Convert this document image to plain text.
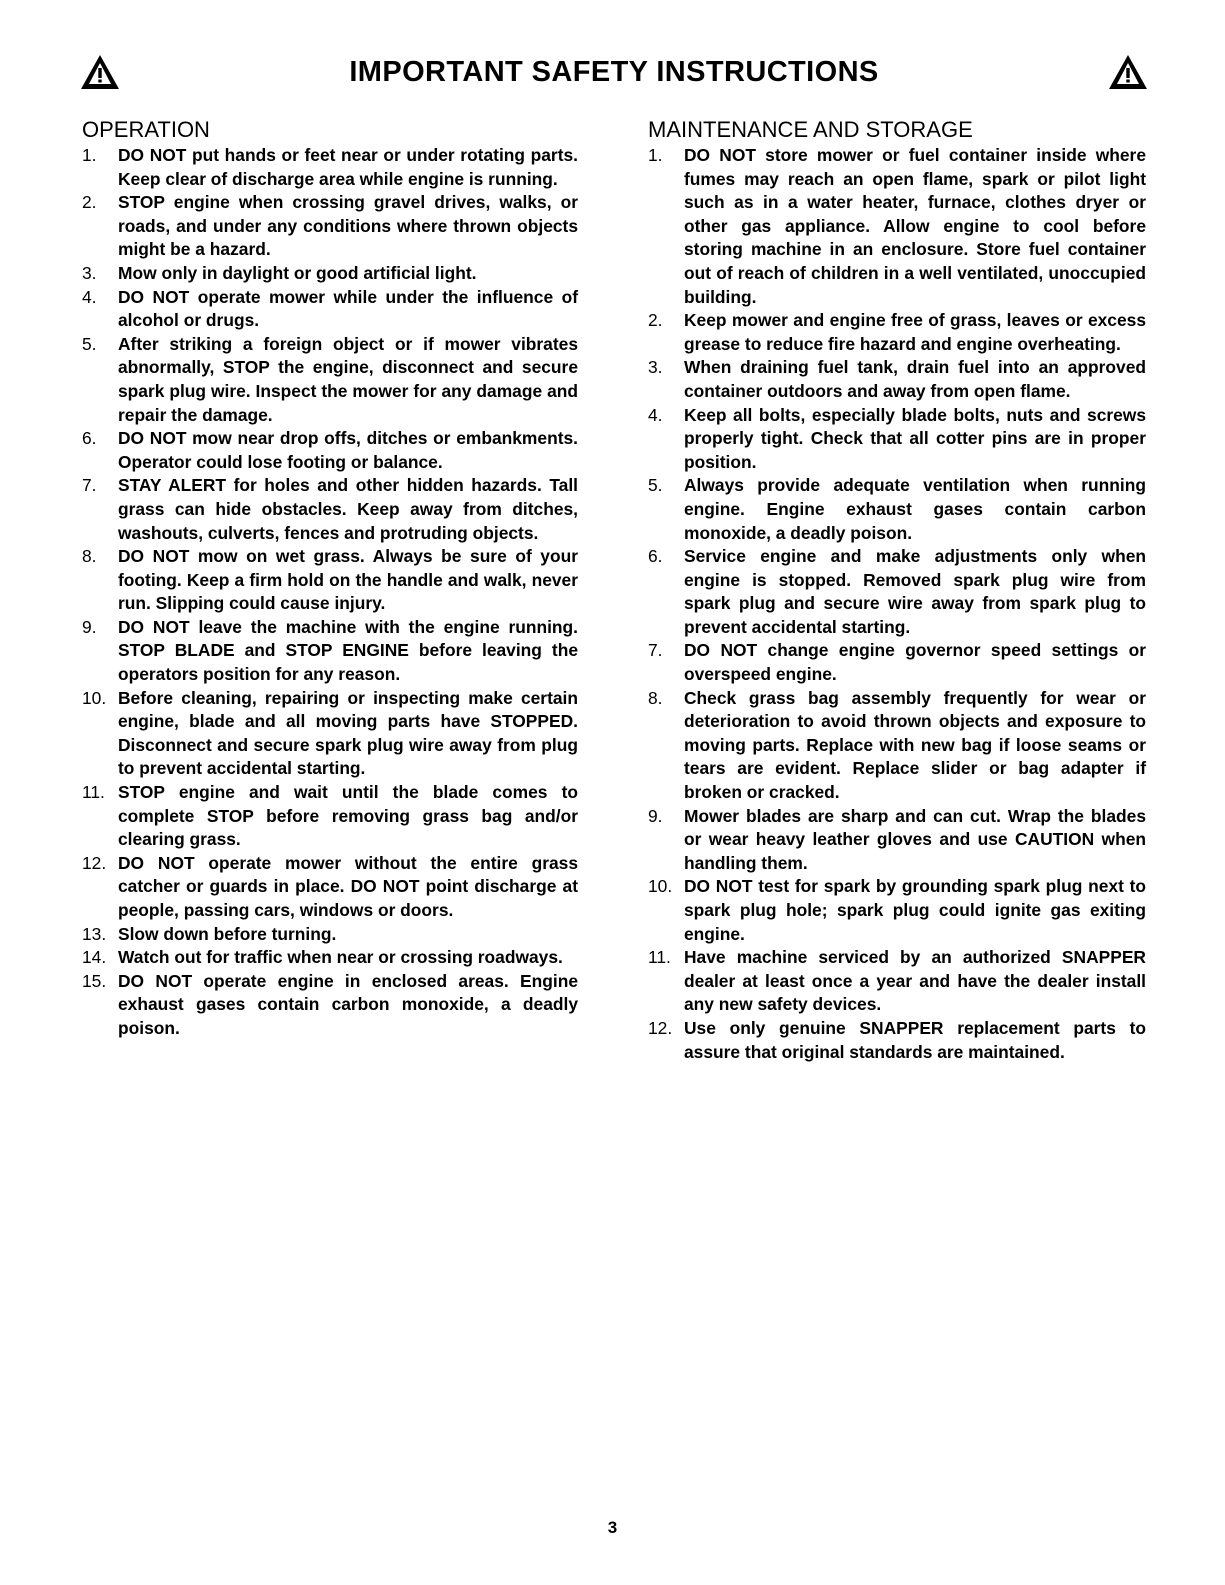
IMPORTANT SAFETY INSTRUCTIONS
OPERATION
1. DO NOT put hands or feet near or under rotating parts. Keep clear of discharge area while engine is running.
2. STOP engine when crossing gravel drives, walks, or roads, and under any conditions where thrown objects might be a hazard.
3. Mow only in daylight or good artificial light.
4. DO NOT operate mower while under the influence of alcohol or drugs.
5. After striking a foreign object or if mower vibrates abnormally, STOP the engine, disconnect and secure spark plug wire. Inspect the mower for any damage and repair the damage.
6. DO NOT mow near drop offs, ditches or embankments. Operator could lose footing or balance.
7. STAY ALERT for holes and other hidden hazards. Tall grass can hide obstacles. Keep away from ditches, washouts, culverts, fences and protruding objects.
8. DO NOT mow on wet grass. Always be sure of your footing. Keep a firm hold on the handle and walk, never run. Slipping could cause injury.
9. DO NOT leave the machine with the engine running. STOP BLADE and STOP ENGINE before leaving the operators position for any reason.
10. Before cleaning, repairing or inspecting make certain engine, blade and all moving parts have STOPPED. Disconnect and secure spark plug wire away from plug to prevent accidental starting.
11. STOP engine and wait until the blade comes to complete STOP before removing grass bag and/or clearing grass.
12. DO NOT operate mower without the entire grass catcher or guards in place. DO NOT point discharge at people, passing cars, windows or doors.
13. Slow down before turning.
14. Watch out for traffic when near or crossing roadways.
15. DO NOT operate engine in enclosed areas. Engine exhaust gases contain carbon monoxide, a deadly poison.
MAINTENANCE AND STORAGE
1. DO NOT store mower or fuel container inside where fumes may reach an open flame, spark or pilot light such as in a water heater, furnace, clothes dryer or other gas appliance. Allow engine to cool before storing machine in an enclosure. Store fuel container out of reach of children in a well ventilated, unoccupied building.
2. Keep mower and engine free of grass, leaves or excess grease to reduce fire hazard and engine overheating.
3. When draining fuel tank, drain fuel into an approved container outdoors and away from open flame.
4. Keep all bolts, especially blade bolts, nuts and screws properly tight. Check that all cotter pins are in proper position.
5. Always provide adequate ventilation when running engine. Engine exhaust gases contain carbon monoxide, a deadly poison.
6. Service engine and make adjustments only when engine is stopped. Removed spark plug wire from spark plug and secure wire away from spark plug to prevent accidental starting.
7. DO NOT change engine governor speed settings or overspeed engine.
8. Check grass bag assembly frequently for wear or deterioration to avoid thrown objects and exposure to moving parts. Replace with new bag if loose seams or tears are evident. Replace slider or bag adapter if broken or cracked.
9. Mower blades are sharp and can cut. Wrap the blades or wear heavy leather gloves and use CAUTION when handling them.
10. DO NOT test for spark by grounding spark plug next to spark plug hole; spark plug could ignite gas exiting engine.
11. Have machine serviced by an authorized SNAPPER dealer at least once a year and have the dealer install any new safety devices.
12. Use only genuine SNAPPER replacement parts to assure that original standards are maintained.
3
